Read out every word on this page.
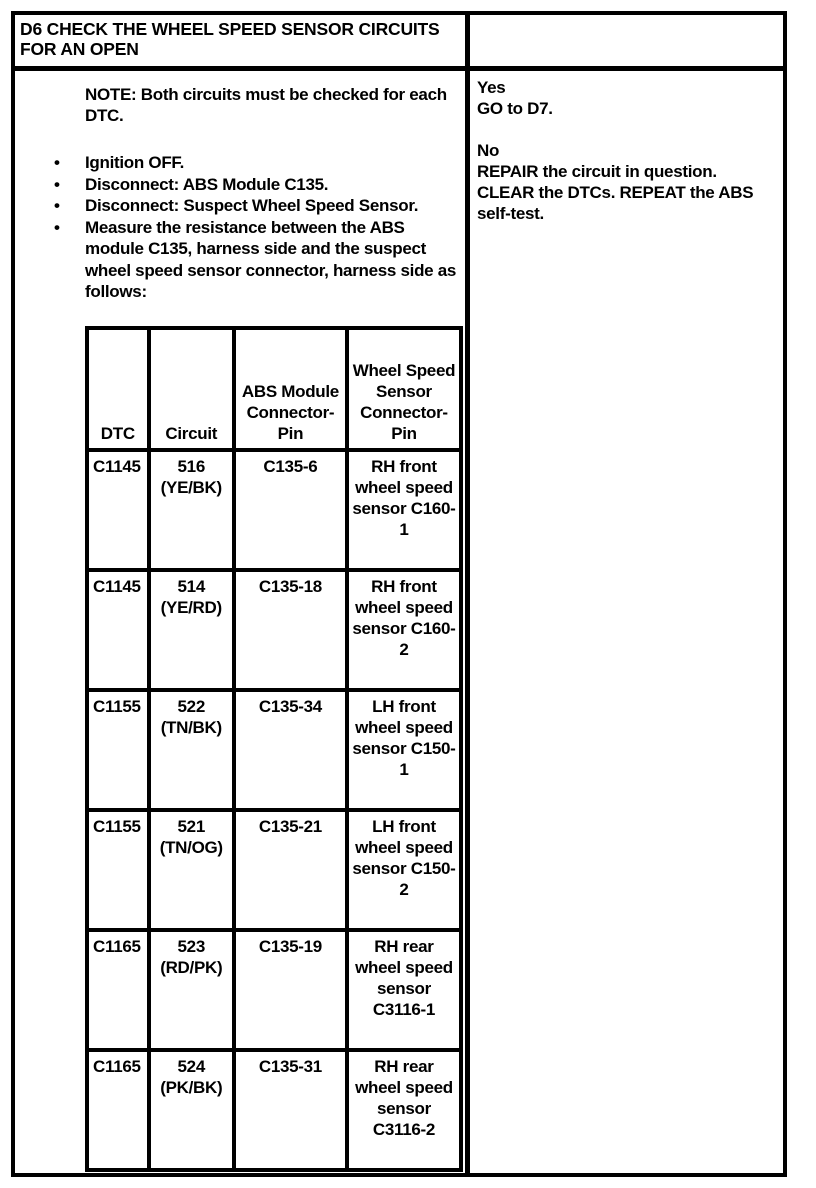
D6 CHECK THE WHEEL SPEED SENSOR CIRCUITS FOR AN OPEN
NOTE: Both circuits must be checked for each DTC.
• Ignition OFF.
• Disconnect: ABS Module C135.
• Disconnect: Suspect Wheel Speed Sensor.
• Measure the resistance between the ABS module C135, harness side and the suspect wheel speed sensor connector, harness side as follows:
DTC	Circuit	ABS Module Connector-Pin	Wheel Speed Sensor Connector-Pin
C1145	516 (YE/BK)	C135-6	RH front wheel speed sensor C160-1
C1145	514 (YE/RD)	C135-18	RH front wheel speed sensor C160-2
C1155	522 (TN/BK)	C135-34	LH front wheel speed sensor C150-1
C1155	521 (TN/OG)	C135-21	LH front wheel speed sensor C150-2
C1165	523 (RD/PK)	C135-19	RH rear wheel speed sensor C3116-1
C1165	524 (PK/BK)	C135-31	RH rear wheel speed sensor C3116-2
Yes
GO to D7.
No
REPAIR the circuit in question. CLEAR the DTCs. REPEAT the ABS self-test.
